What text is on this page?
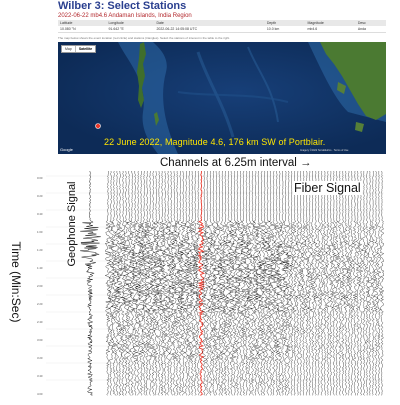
Wilber 3: Select Stations
2022-06-22 mb4.6 Andaman Islands, India Region
Latitude	Longitude	Date	Depth	Magnitude	Desc
10.080 °N	91.642 °E	2022-06-22 14:05:08 UTC	10.0 km	mb4.6	Anda
The map below shows the event location (red circle) and stations (triangles). Select the stations of interest in the table to the right.
Map	Satellite
22 June 2022, Magnitude 4.6, 176 km SW of Portblair.
Google	Imagery ©2022 TerraMetrics · Terms of Use
Channels at 6.25m interval →
Fiber Signal
Geophone Signal
Time (Min:Sec)
0:00
0:20
0:40
1:00
1:20
1:40
2:00
2:20
2:40
3:00
3:20
3:40
4:00
